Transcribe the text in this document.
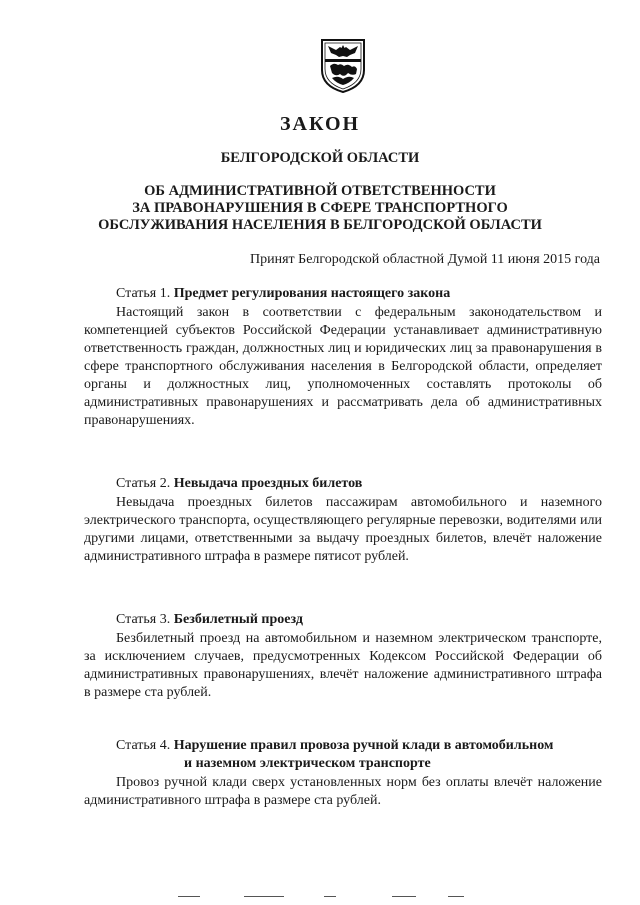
ЗАКОН
БЕЛГОРОДСКОЙ ОБЛАСТИ
ОБ АДМИНИСТРАТИВНОЙ ОТВЕТСТВЕННОСТИ
ЗА ПРАВОНАРУШЕНИЯ В СФЕРЕ ТРАНСПОРТНОГО
ОБСЛУЖИВАНИЯ НАСЕЛЕНИЯ В БЕЛГОРОДСКОЙ ОБЛАСТИ
Принят Белгородской областной Думой 11 июня 2015 года
Статья 1. Предмет регулирования настоящего закона
Настоящий закон в соответствии с федеральным законодательством и компетенцией субъектов Российской Федерации устанавливает административную ответственность граждан, должностных лиц и юридических лиц за правонарушения в сфере транспортного обслуживания населения в Белгородской области, определяет органы и должностных лиц, уполномоченных составлять протоколы об административных правонарушениях и рассматривать дела об административных правонарушениях.
Статья 2. Невыдача проездных билетов
Невыдача проездных билетов пассажирам автомобильного и наземного электрического транспорта, осуществляющего регулярные перевозки, водителями или другими лицами, ответственными за выдачу проездных билетов, влечёт наложение административного штрафа в размере пятисот рублей.
Статья 3. Безбилетный проезд
Безбилетный проезд на автомобильном и наземном электрическом транспорте, за исключением случаев, предусмотренных Кодексом Российской Федерации об административных правонарушениях, влечёт наложение административного штрафа в размере ста рублей.
Статья 4. Нарушение правил провоза ручной клади в автомобильном
и наземном электрическом транспорте
Провоз ручной клади сверх установленных норм без оплаты влечёт наложение административного штрафа в размере ста рублей.
